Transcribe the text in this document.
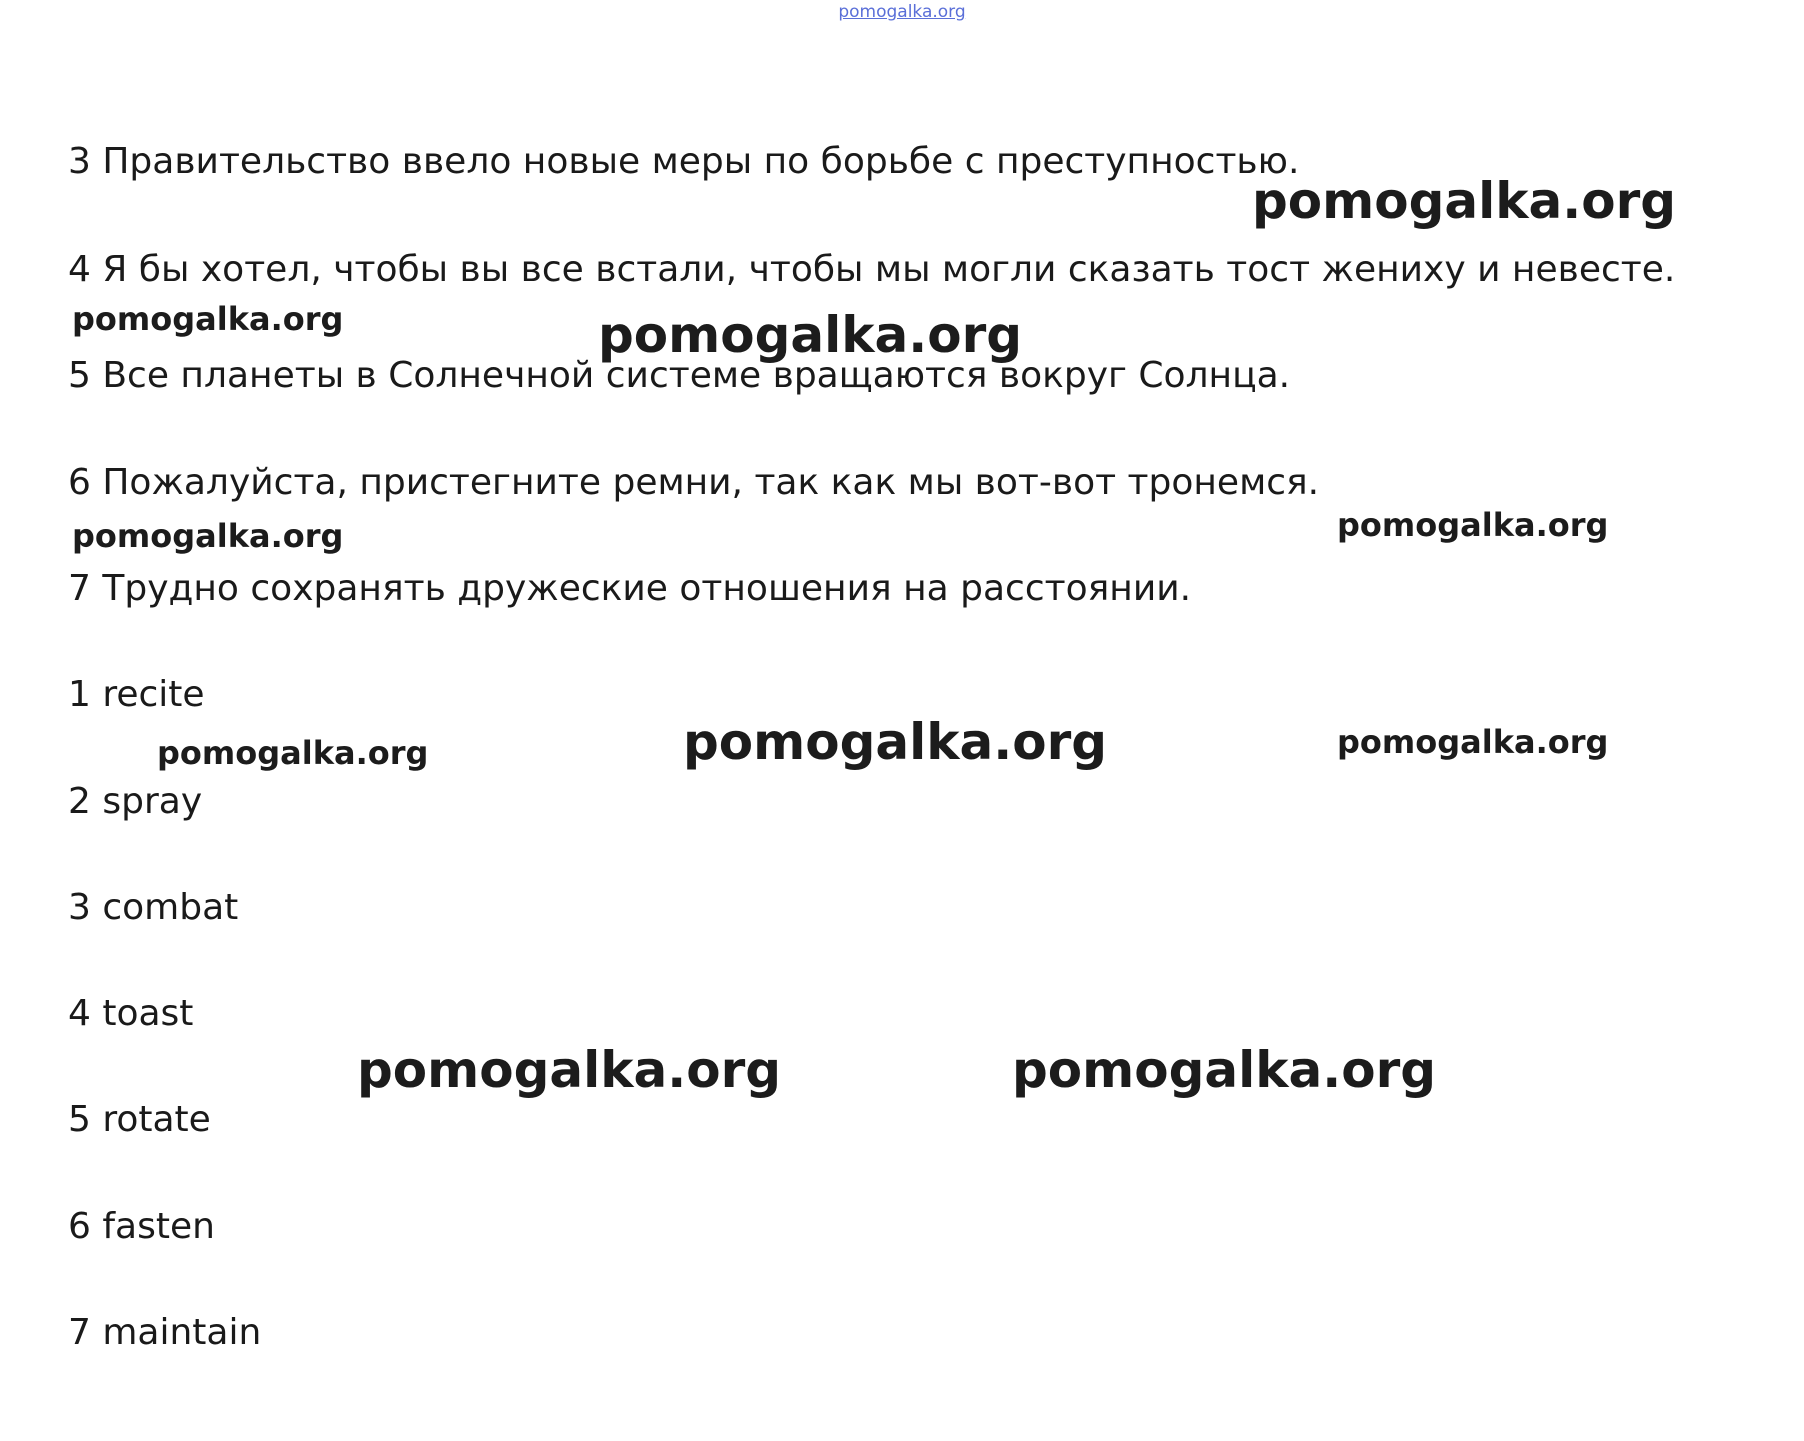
pomogalka.org
3 Правительство ввело новые меры по борьбе с преступностью.
4 Я бы хотел, чтобы вы все встали, чтобы мы могли сказать тост жениху и невесте.
5 Все планеты в Солнечной системе вращаются вокруг Солнца.
6 Пожалуйста, пристегните ремни, так как мы вот-вот тронемся.
7 Трудно сохранять дружеские отношения на расстоянии.
1 recite
2 spray
3 combat
4 toast
5 rotate
6 fasten
7 maintain
pomogalka.org
pomogalka.org	pomogalka.org
pomogalka.org
pomogalka.org
pomogalka.org	pomogalka.org
pomogalka.org
pomogalka.org	pomogalka.org
